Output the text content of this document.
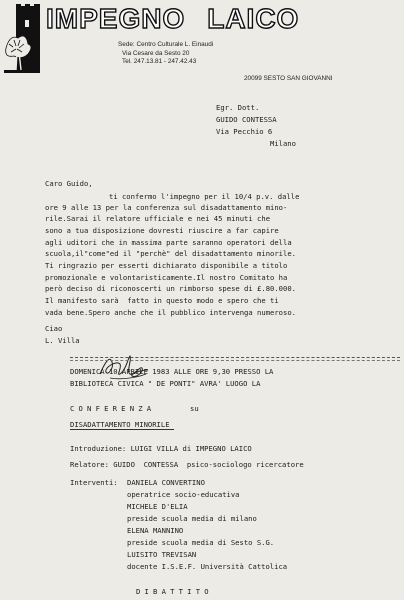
IMPEGNO LAICO
Sede: Centro Culturale L. Einaudi
Via Cesare da Sesto 20
Tel. 247.13.81 - 247.42.43
20099 SESTO SAN GIOVANNI
Egr. Dott.
GUIDO CONTESSA
Via Pecchio 6
Milano
Caro Guido,
ti confermo l'impegno per il 10/4 p.v. dalle
ore 9 alle 13 per la conferenza sul disadattamento mino-
rile.Sarai il relatore ufficiale e nei 45 minuti che
sono a tua disposizione dovresti riuscire a far capire
agli uditori che in massima parte saranno operatori della
scuola,il"come"ed il "perchè" del disadattamento minorile.
Ti ringrazio per esserti dichiarato disponibile a titolo
promozionale e volontaristicamente.Il nostro Comitato ha
però deciso di riconoscerti un rimborso spese di £.80.000.
Il manifesto sarà  fatto in questo modo e spero che ti
vada bene.Spero anche che il pubblico intervenga numeroso.
Ciao
L. Villa
DOMENICA 10 APRILE 1983 ALLE ORE 9,30 PRESSO LA
BIBLIOTECA CIVICA " DE PONTI" AVRA' LUOGO LA
CONFERENZA	su
DISADATTAMENTO MINORILE
Introduzione: LUIGI VILLA di IMPEGNO LAICO
Relatore: GUIDO  CONTESSA  psico-sociologo ricercatore
Interventi: DANIELA CONVERTINO
operatrice socio-educativa
MICHELE D'ELIA
preside scuola media di milano
ELENA MANNINO
preside scuola media di Sesto S.G.
LUISITO TREVISAN
docente I.S.E.F. Università Cattolica
DIBATTITO
